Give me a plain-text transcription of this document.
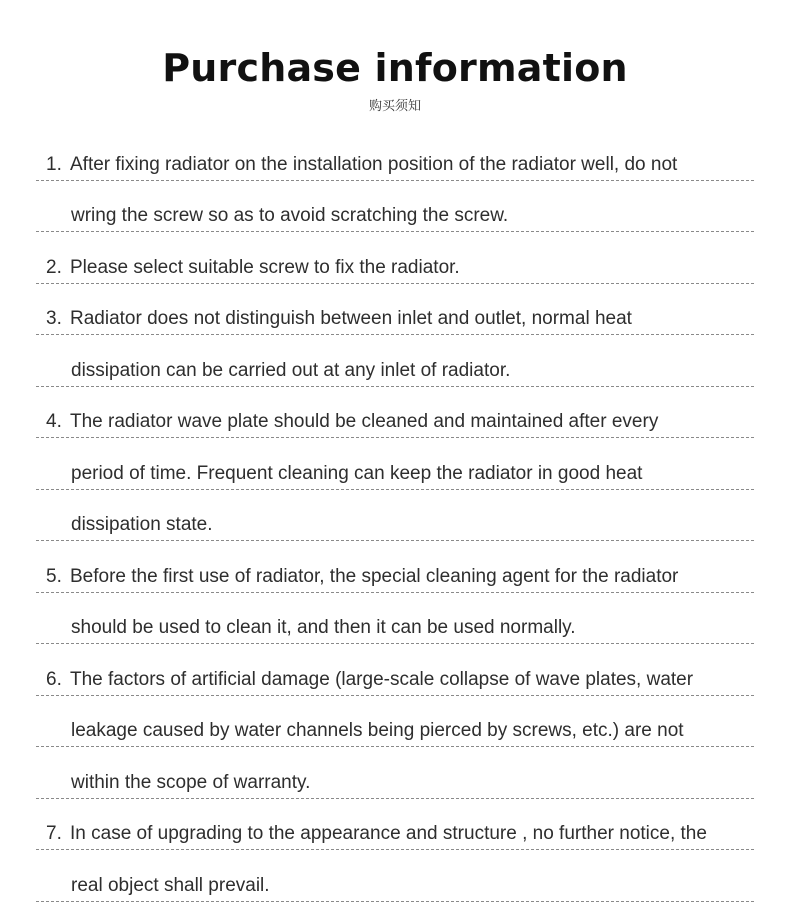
Purchase information
购买须知
1. After fixing radiator on the installation position of the radiator well, do not
wring the screw so as to avoid scratching the screw.
2. Please select suitable screw to fix the radiator.
3. Radiator does not distinguish between inlet and outlet, normal heat
dissipation can be carried out at any inlet of radiator.
4. The radiator wave plate should be cleaned and maintained after every
period of time. Frequent cleaning can keep the radiator in good heat
dissipation state.
5. Before the first use of radiator, the special cleaning agent for the radiator
should be used to clean it, and then it can be used normally.
6. The factors of artificial damage (large-scale collapse of wave plates, water
leakage caused by water channels being pierced by screws, etc.) are not
within the scope of warranty.
7. In case of upgrading to the appearance and structure , no further notice, the
real object shall prevail.
